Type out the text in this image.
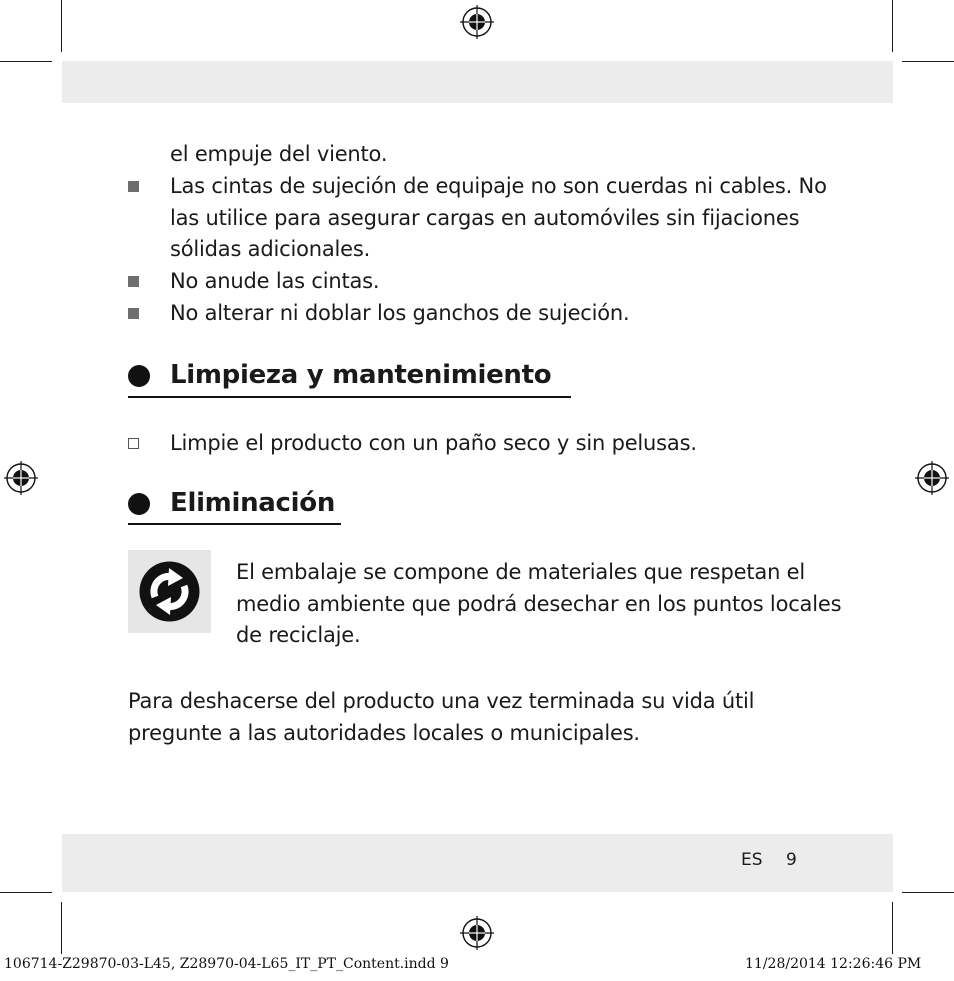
el empuje del viento.
Las cintas de sujeción de equipaje no son cuerdas ni cables. No
las utilice para asegurar cargas en automóviles sin fijaciones
sólidas adicionales.
No anude las cintas.
No alterar ni doblar los ganchos de sujeción.
Limpieza y mantenimiento
Limpie el producto con un paño seco y sin pelusas.
Eliminación
El embalaje se compone de materiales que respetan el
medio ambiente que podrá desechar en los puntos locales
de reciclaje.
Para deshacerse del producto una vez terminada su vida útil
pregunte a las autoridades locales o municipales.
ES 9
106714-Z29870-03-L45, Z28970-04-L65_IT_PT_Content.indd 9	11/28/2014 12:26:46 PM
